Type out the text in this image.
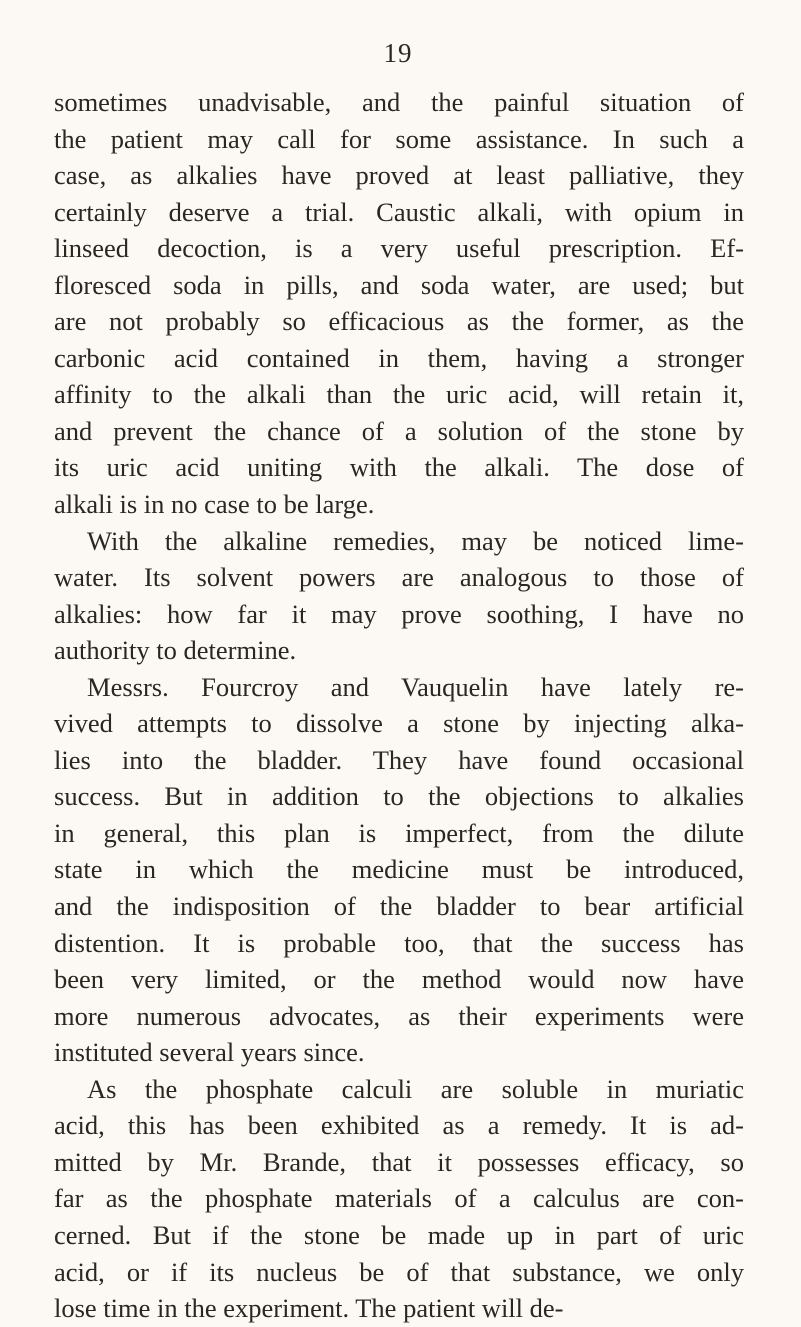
19
sometimes unadvisable, and the painful situation of
the patient may call for some assistance. In such a
case, as alkalies have proved at least palliative, they
certainly deserve a trial. Caustic alkali, with opium in
linseed decoction, is a very useful prescription. Ef-
floresced soda in pills, and soda water, are used; but
are not probably so efficacious as the former, as the
carbonic acid contained in them, having a stronger
affinity to the alkali than the uric acid, will retain it,
and prevent the chance of a solution of the stone by
its uric acid uniting with the alkali. The dose of
alkali is in no case to be large.
With the alkaline remedies, may be noticed lime-
water. Its solvent powers are analogous to those of
alkalies: how far it may prove soothing, I have no
authority to determine.
Messrs. Fourcroy and Vauquelin have lately re-
vived attempts to dissolve a stone by injecting alka-
lies into the bladder. They have found occasional
success. But in addition to the objections to alkalies
in general, this plan is imperfect, from the dilute
state in which the medicine must be introduced,
and the indisposition of the bladder to bear artificial
distention. It is probable too, that the success has
been very limited, or the method would now have
more numerous advocates, as their experiments were
instituted several years since.
As the phosphate calculi are soluble in muriatic
acid, this has been exhibited as a remedy. It is ad-
mitted by Mr. Brande, that it possesses efficacy, so
far as the phosphate materials of a calculus are con-
cerned. But if the stone be made up in part of uric
acid, or if its nucleus be of that substance, we only
lose time in the experiment. The patient will de-
